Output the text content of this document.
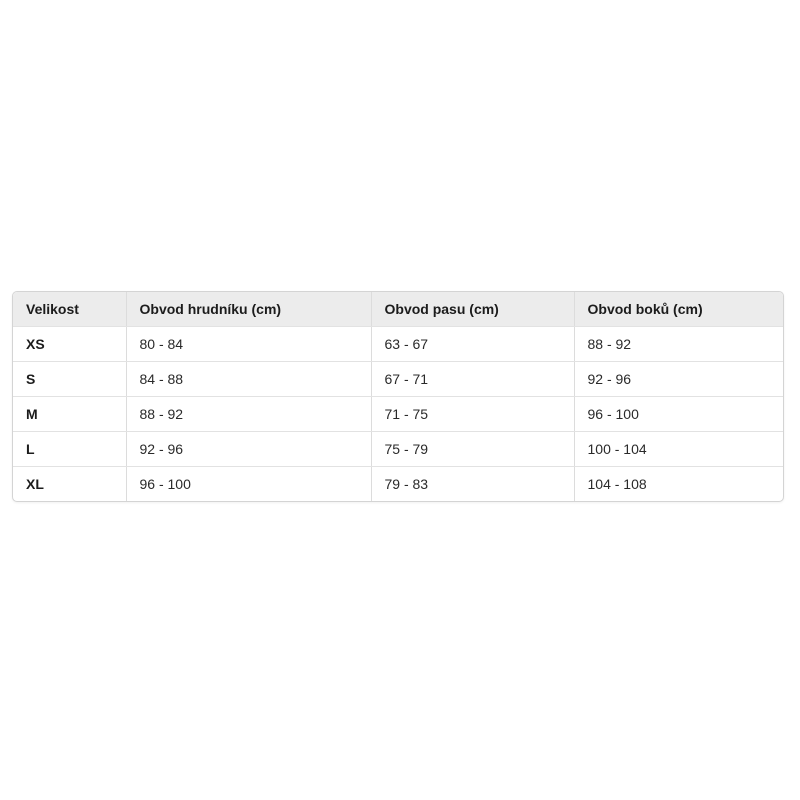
Velikost	Obvod hrudníku (cm)	Obvod pasu (cm)	Obvod boků (cm)
XS	80 - 84	63 - 67	88 - 92
S	84 - 88	67 - 71	92 - 96
M	88 - 92	71 - 75	96 - 100
L	92 - 96	75 - 79	100 - 104
XL	96 - 100	79 - 83	104 - 108
